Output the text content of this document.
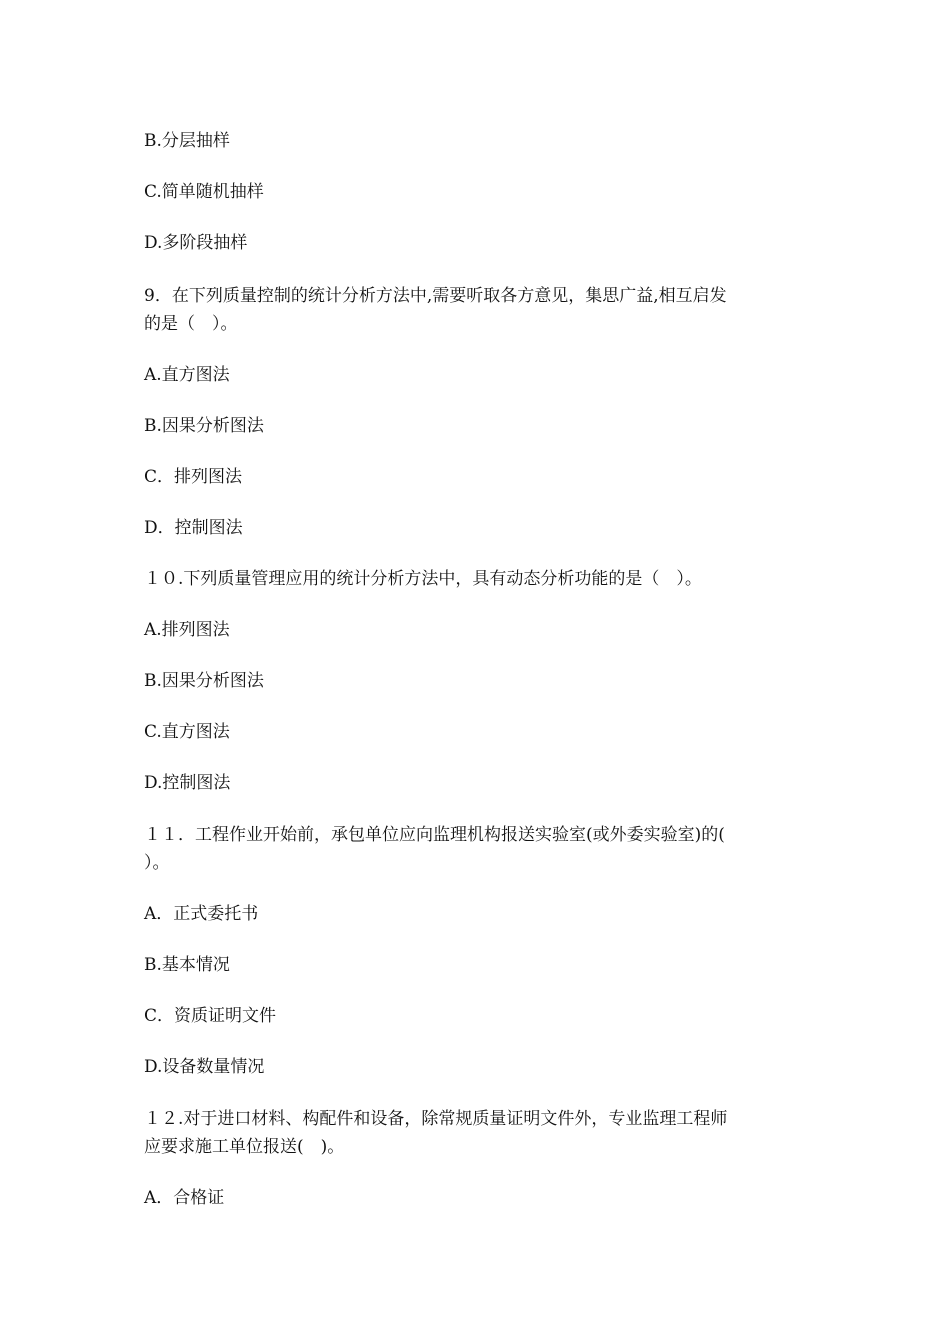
B.分层抽样
C.简单随机抽样
D.多阶段抽样
9．在下列质量控制的统计分析方法中,需要听取各方意见，集思广益,相互启发
的是（　）。
A.直方图法
B.因果分析图法
C．排列图法
D．控制图法
１０.下列质量管理应用的统计分析方法中，具有动态分析功能的是（　）。
A.排列图法
B.因果分析图法
C.直方图法
D.控制图法
１１．工程作业开始前，承包单位应向监理机构报送实验室(或外委实验室)的(
）。
A．正式委托书
B.基本情况
C．资质证明文件
D.设备数量情况
１２.对于进口材料、构配件和设备，除常规质量证明文件外，专业监理工程师
应要求施工单位报送(　)。
A．合格证
